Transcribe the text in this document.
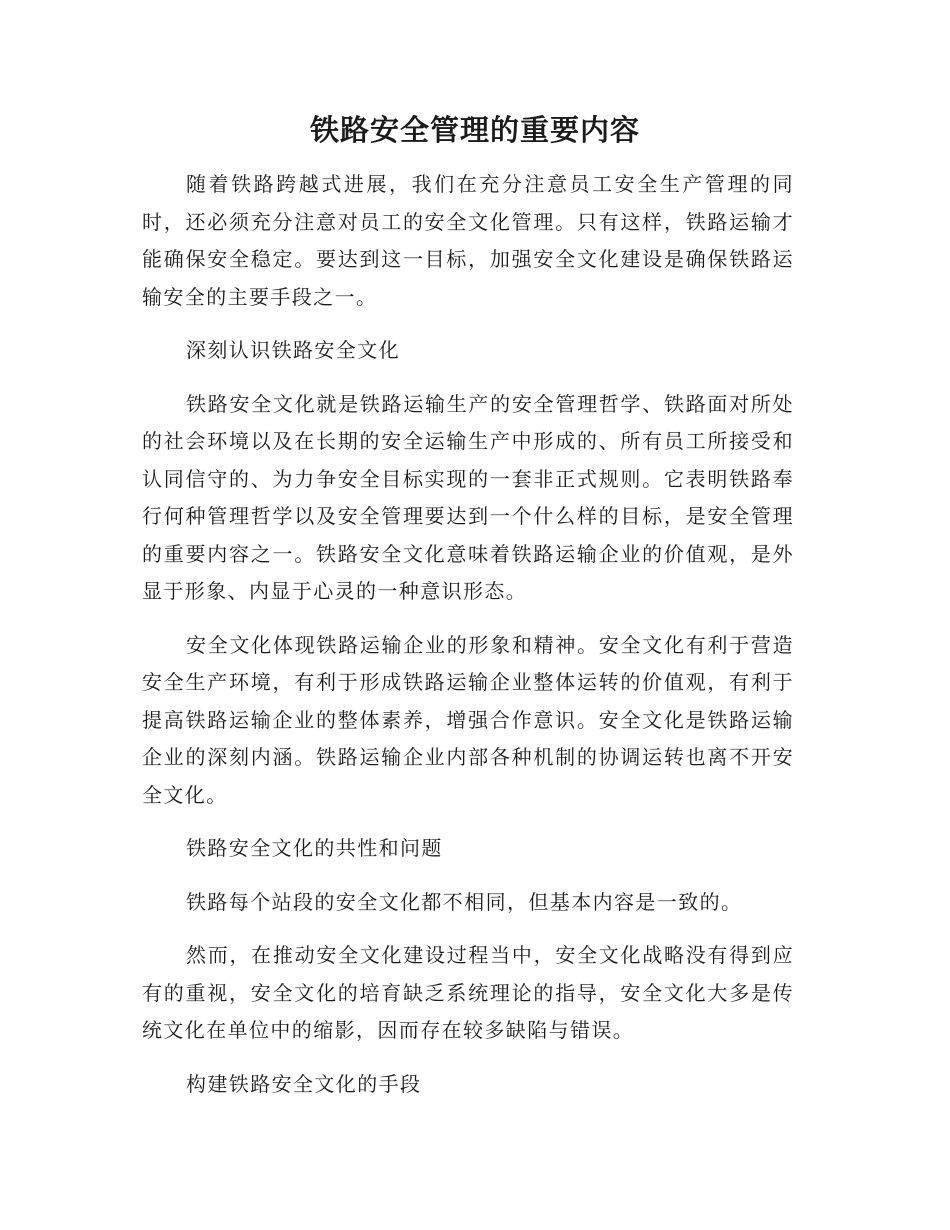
铁路安全管理的重要内容

随着铁路跨越式进展，我们在充分注意员工安全生产管理的同时，还必须充分注意对员工的安全文化管理。只有这样，铁路运输才能确保安全稳定。要达到这一目标，加强安全文化建设是确保铁路运输安全的主要手段之一。

深刻认识铁路安全文化

铁路安全文化就是铁路运输生产的安全管理哲学、铁路面对所处的社会环境以及在长期的安全运输生产中形成的、所有员工所接受和认同信守的、为力争安全目标实现的一套非正式规则。它表明铁路奉行何种管理哲学以及安全管理要达到一个什么样的目标，是安全管理的重要内容之一。铁路安全文化意味着铁路运输企业的价值观，是外显于形象、内显于心灵的一种意识形态。

安全文化体现铁路运输企业的形象和精神。安全文化有利于营造安全生产环境，有利于形成铁路运输企业整体运转的价值观，有利于提高铁路运输企业的整体素养，增强合作意识。安全文化是铁路运输企业的深刻内涵。铁路运输企业内部各种机制的协调运转也离不开安全文化。

铁路安全文化的共性和问题

铁路每个站段的安全文化都不相同，但基本内容是一致的。

然而，在推动安全文化建设过程当中，安全文化战略没有得到应有的重视，安全文化的培育缺乏系统理论的指导，安全文化大多是传统文化在单位中的缩影，因而存在较多缺陷与错误。

构建铁路安全文化的手段
